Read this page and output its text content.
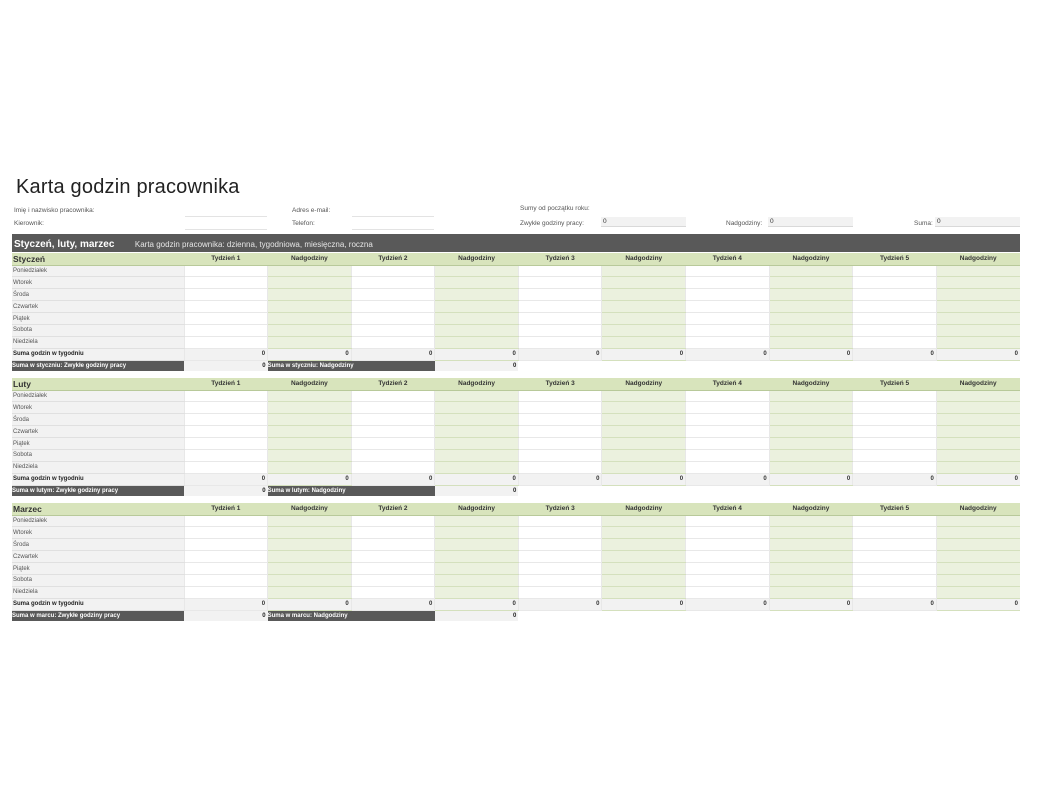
Karta godzin pracownika
Imię i nazwisko pracownika:
Kierownik:
Adres e-mail:
Telefon:
Sumy od początku roku:
Zwykłe godziny pracy:	0	Nadgodziny:	0	Suma: 0
Styczeń, luty, marzec	Karta godzin pracownika: dzienna, tygodniowa, miesięczna, roczna
Styczeń	Tydzień 1	Nadgodziny	Tydzień 2	Nadgodziny	Tydzień 3	Nadgodziny	Tydzień 4	Nadgodziny	Tydzień 5	Nadgodziny
Poniedziałek										
Wtorek										
Środa										
Czwartek										
Piątek										
Sobota										
Niedziela										
Suma godzin w tygodniu	0	0	0	0	0	0	0	0	0	0
Suma w styczniu: Zwykłe godziny pracy	0	Suma w styczniu: Nadgodziny		0						
Luty	Tydzień 1	Nadgodziny	Tydzień 2	Nadgodziny	Tydzień 3	Nadgodziny	Tydzień 4	Nadgodziny	Tydzień 5	Nadgodziny
Poniedziałek										
Wtorek										
Środa										
Czwartek										
Piątek										
Sobota										
Niedziela										
Suma godzin w tygodniu	0	0	0	0	0	0	0	0	0	0
Suma w lutym: Zwykłe godziny pracy	0	Suma w lutym: Nadgodziny		0						
Marzec	Tydzień 1	Nadgodziny	Tydzień 2	Nadgodziny	Tydzień 3	Nadgodziny	Tydzień 4	Nadgodziny	Tydzień 5	Nadgodziny
Poniedziałek										
Wtorek										
Środa										
Czwartek										
Piątek										
Sobota										
Niedziela										
Suma godzin w tygodniu	0	0	0	0	0	0	0	0	0	0
Suma w marcu: Zwykłe godziny pracy	0	Suma w marcu: Nadgodziny		0						
